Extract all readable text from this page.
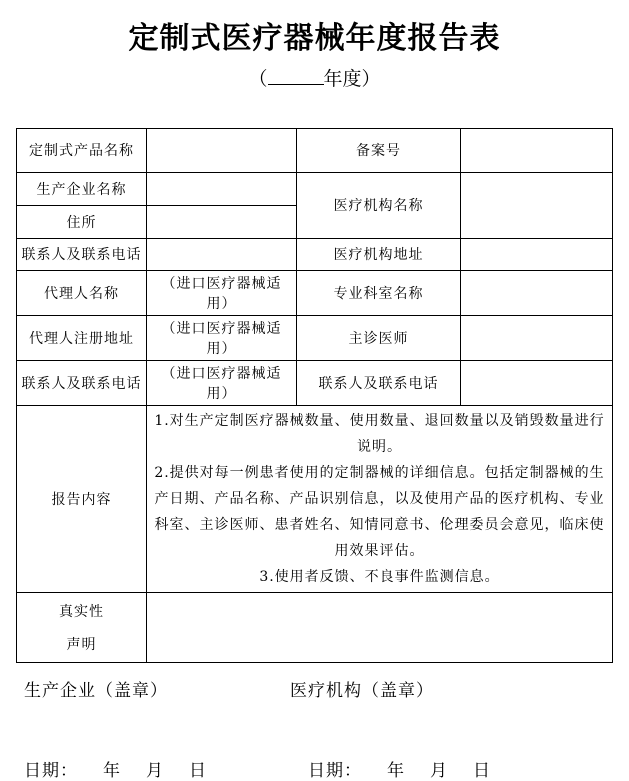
定制式医疗器械年度报告表
（	年度）
定制式产品名称		备案号	
生产企业名称		医疗机构名称	
住所			
联系人及联系电话		医疗机构地址	
代理人名称	（进口医疗器械适用）	专业科室名称	
代理人注册地址	（进口医疗器械适用）	主诊医师	
联系人及联系电话	（进口医疗器械适用）	联系人及联系电话	
报告内容	1.对生产定制医疗器械数量、使用数量、退回数量以及销毁数量进行说明。
2.提供对每一例患者使用的定制器械的详细信息。包括定制器械的生产日期、产品名称、产品识别信息，以及使用产品的医疗机构、专业科室、主诊医师、患者姓名、知情同意书、伦理委员会意见，临床使用效果评估。
3.使用者反馈、不良事件监测信息。		

真实性
声明			

生产企业（盖章）	医疗机构（盖章）
日期： 年 月 日	日期： 年 月 日
